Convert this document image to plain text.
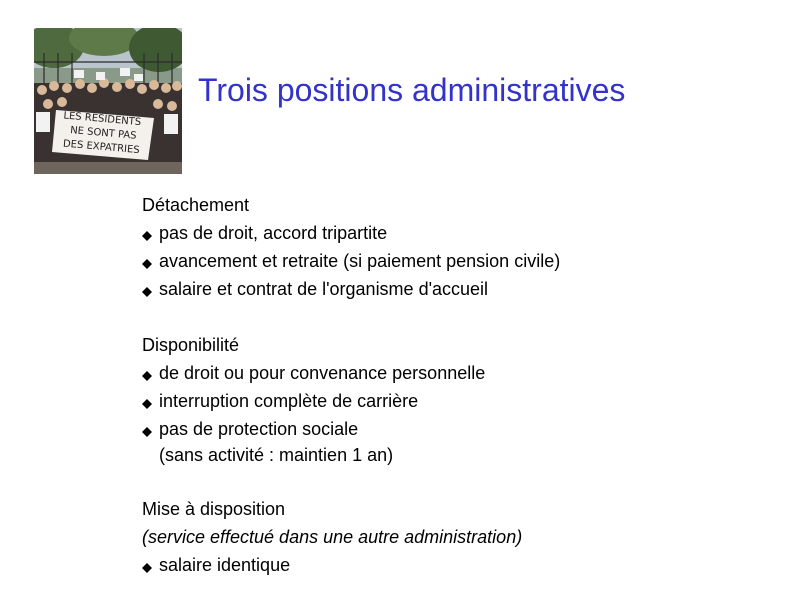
LES RESIDENTS
NE SONT PAS
DES EXPATRIES
Trois positions administratives
Détachement
pas de droit, accord tripartite
avancement et retraite (si paiement pension civile)
salaire et contrat de l'organisme d'accueil
Disponibilité
de droit ou pour convenance personnelle
interruption complète de carrière
pas de protection sociale
(sans activité : maintien 1 an)
Mise à disposition
(service effectué dans une autre administration)
salaire identique
